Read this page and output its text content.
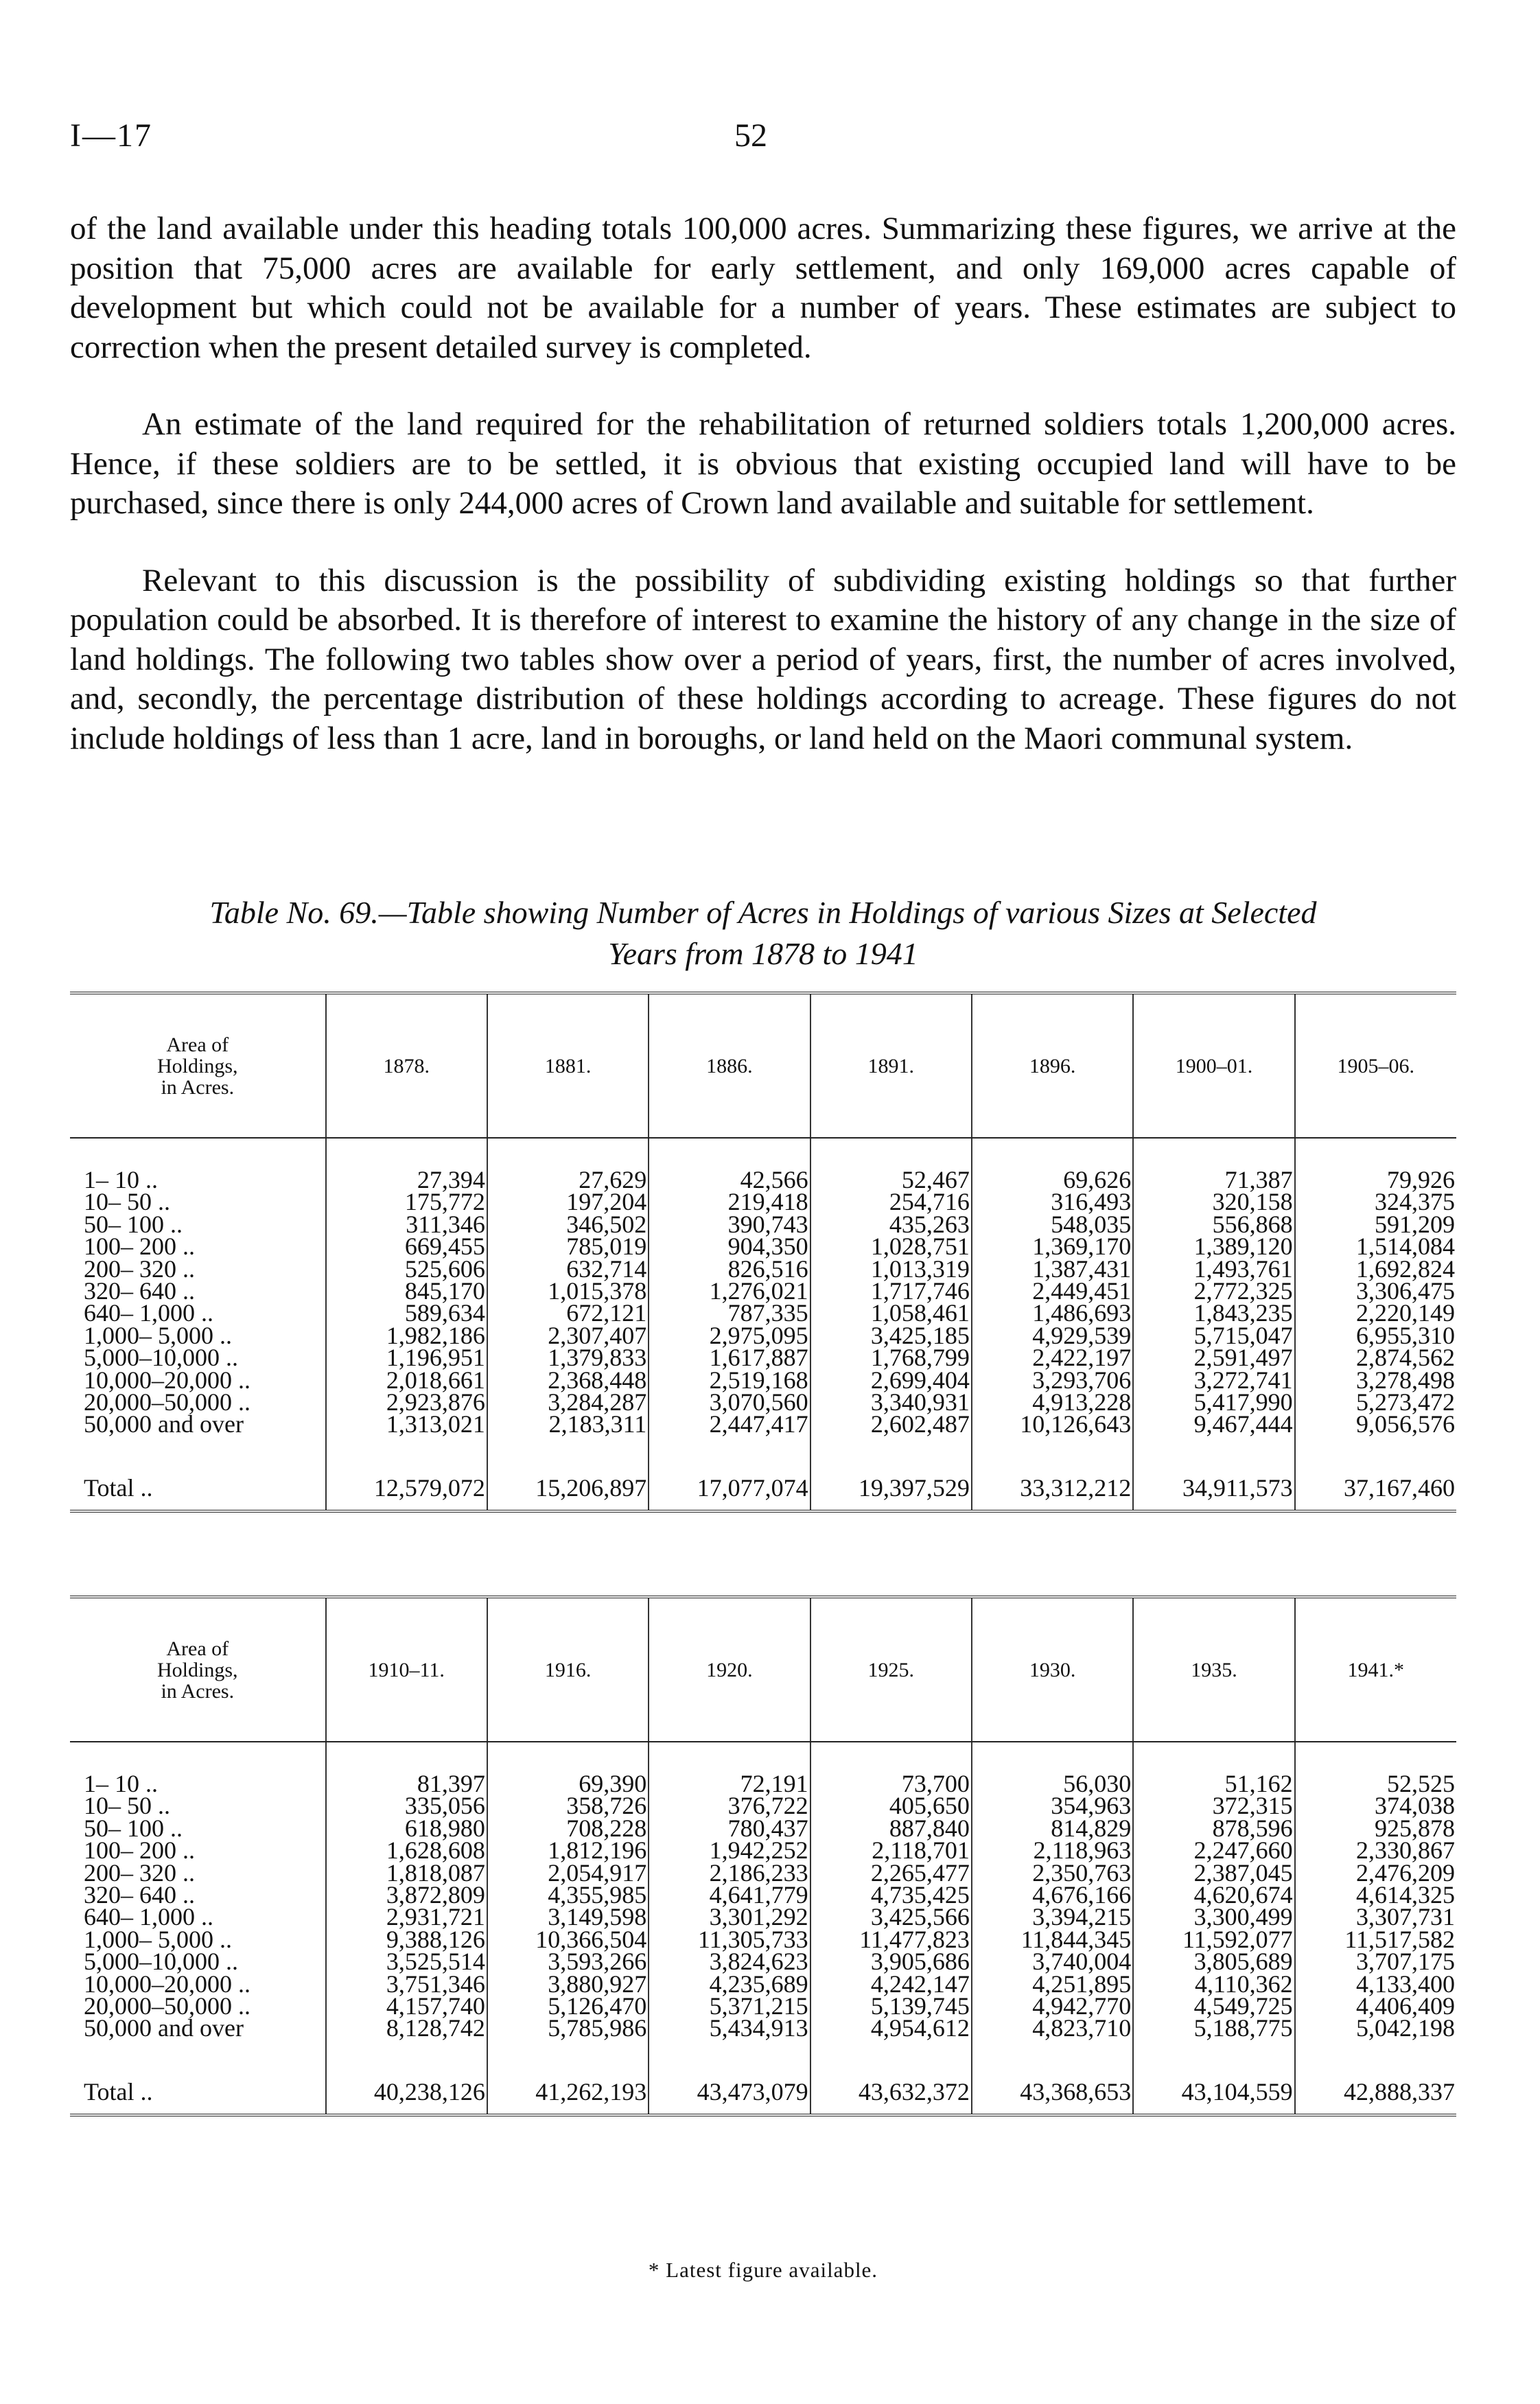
I—17	52

of the land available under this heading totals 100,000 acres. Summarizing these figures, we arrive at the position that 75,000 acres are available for early settlement, and only 169,000 acres capable of development but which could not be available for a number of years. These estimates are subject to correction when the present detailed survey is completed.

An estimate of the land required for the rehabilitation of returned soldiers totals 1,200,000 acres. Hence, if these soldiers are to be settled, it is obvious that existing occupied land will have to be purchased, since there is only 244,000 acres of Crown land available and suitable for settlement.

Relevant to this discussion is the possibility of subdividing existing holdings so that further population could be absorbed. It is therefore of interest to examine the history of any change in the size of land holdings. The following two tables show over a period of years, first, the number of acres involved, and, secondly, the percentage distribution of these holdings according to acreage. These figures do not include holdings of less than 1 acre, land in boroughs, or land held on the Maori communal system.

Table No. 69.—Table showing Number of Acres in Holdings of various Sizes at Selected
Years from 1878 to 1941
Area of
Holdings,
in Acres.	1878.	1881.	1886.	1891.	1896.	1900–01.	1905–06.

1– 10 ..	27,394	27,629	42,566	52,467	69,626	71,387	79,926
10– 50 ..	175,772	197,204	219,418	254,716	316,493	320,158	324,375
50– 100 ..	311,346	346,502	390,743	435,263	548,035	556,868	591,209
100– 200 ..	669,455	785,019	904,350	1,028,751	1,369,170	1,389,120	1,514,084
200– 320 ..	525,606	632,714	826,516	1,013,319	1,387,431	1,493,761	1,692,824
320– 640 ..	845,170	1,015,378	1,276,021	1,717,746	2,449,451	2,772,325	3,306,475
640– 1,000 ..	589,634	672,121	787,335	1,058,461	1,486,693	1,843,235	2,220,149
1,000– 5,000 ..	1,982,186	2,307,407	2,975,095	3,425,185	4,929,539	5,715,047	6,955,310
5,000–10,000 ..	1,196,951	1,379,833	1,617,887	1,768,799	2,422,197	2,591,497	2,874,562
10,000–20,000 ..	2,018,661	2,368,448	2,519,168	2,699,404	3,293,706	3,272,741	3,278,498
20,000–50,000 ..	2,923,876	3,284,287	3,070,560	3,340,931	4,913,228	5,417,990	5,273,472
50,000 and over	1,313,021	2,183,311	2,447,417	2,602,487	10,126,643	9,467,444	9,056,576

Total ..	12,579,072	15,206,897	17,077,074	19,397,529	33,312,212	34,911,573	37,167,460
Area of
Holdings,
in Acres.	1910–11.	1916.	1920.	1925.	1930.	1935.	1941.*

1– 10 ..	81,397	69,390	72,191	73,700	56,030	51,162	52,525
10– 50 ..	335,056	358,726	376,722	405,650	354,963	372,315	374,038
50– 100 ..	618,980	708,228	780,437	887,840	814,829	878,596	925,878
100– 200 ..	1,628,608	1,812,196	1,942,252	2,118,701	2,118,963	2,247,660	2,330,867
200– 320 ..	1,818,087	2,054,917	2,186,233	2,265,477	2,350,763	2,387,045	2,476,209
320– 640 ..	3,872,809	4,355,985	4,641,779	4,735,425	4,676,166	4,620,674	4,614,325
640– 1,000 ..	2,931,721	3,149,598	3,301,292	3,425,566	3,394,215	3,300,499	3,307,731
1,000– 5,000 ..	9,388,126	10,366,504	11,305,733	11,477,823	11,844,345	11,592,077	11,517,582
5,000–10,000 ..	3,525,514	3,593,266	3,824,623	3,905,686	3,740,004	3,805,689	3,707,175
10,000–20,000 ..	3,751,346	3,880,927	4,235,689	4,242,147	4,251,895	4,110,362	4,133,400
20,000–50,000 ..	4,157,740	5,126,470	5,371,215	5,139,745	4,942,770	4,549,725	4,406,409
50,000 and over	8,128,742	5,785,986	5,434,913	4,954,612	4,823,710	5,188,775	5,042,198

Total ..	40,238,126	41,262,193	43,473,079	43,632,372	43,368,653	43,104,559	42,888,337
* Latest figure available.
